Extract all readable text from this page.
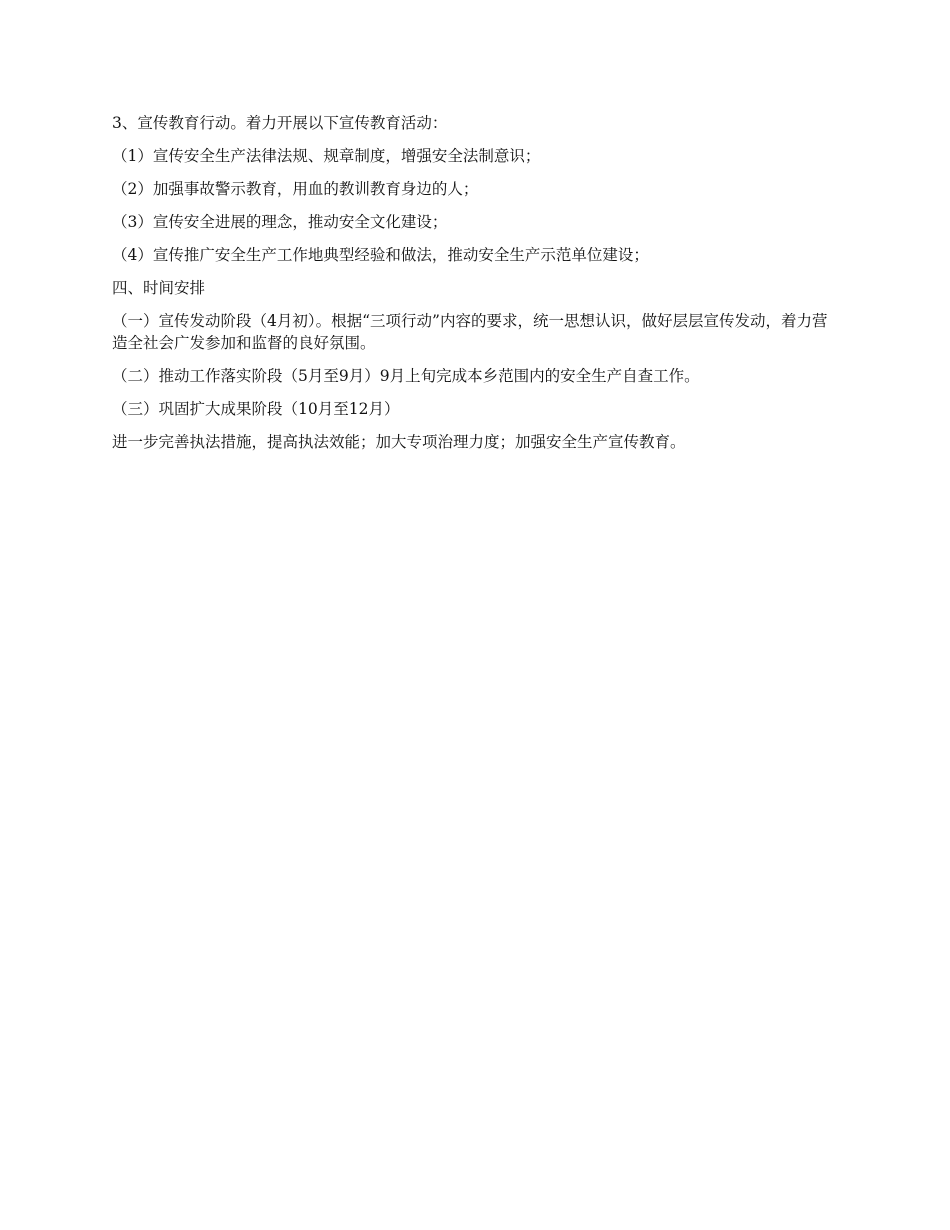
3、宣传教育行动。着力开展以下宣传教育活动：

（1）宣传安全生产法律法规、规章制度，增强安全法制意识；

（2）加强事故警示教育，用血的教训教育身边的人；

（3）宣传安全进展的理念，推动安全文化建设；

（4）宣传推广安全生产工作地典型经验和做法，推动安全生产示范单位建设；

四、时间安排

（一）宣传发动阶段（4月初）。根据“三项行动”内容的要求，统一思想认识，做好层层宣传发动，着力营造全社会广发参加和监督的良好氛围。

（二）推动工作落实阶段（5月至9月）9月上旬完成本乡范围内的安全生产自查工作。

（三）巩固扩大成果阶段（10月至12月）

进一步完善执法措施，提高执法效能；加大专项治理力度；加强安全生产宣传教育。
